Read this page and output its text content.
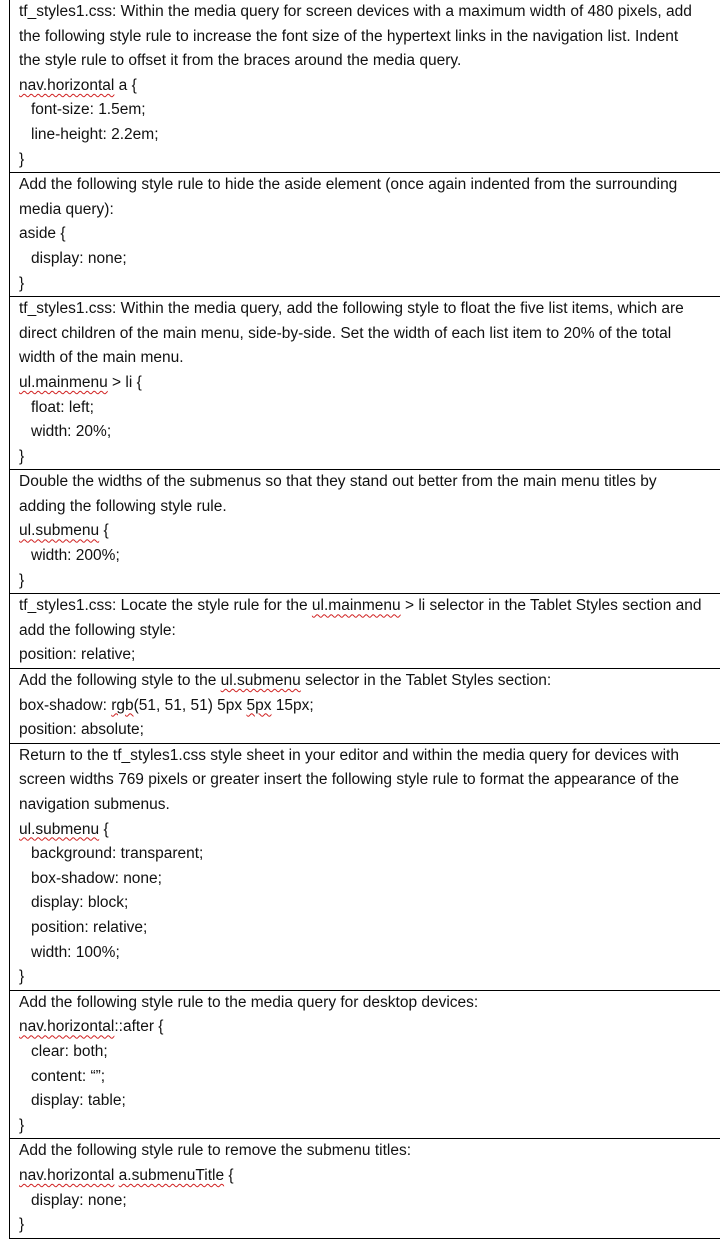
tf_styles1.css: Within the media query for screen devices with a maximum width of 480 pixels, add
the following style rule to increase the font size of the hypertext links in the navigation list. Indent
the style rule to offset it from the braces around the media query.
nav.horizontal a {
font-size: 1.5em;
line-height: 2.2em;
}
Add the following style rule to hide the aside element (once again indented from the surrounding
media query):
aside {
display: none;
}
tf_styles1.css: Within the media query, add the following style to float the five list items, which are
direct children of the main menu, side-by-side. Set the width of each list item to 20% of the total
width of the main menu.
ul.mainmenu > li {
float: left;
width: 20%;
}
Double the widths of the submenus so that they stand out better from the main menu titles by
adding the following style rule.
ul.submenu {
width: 200%;
}
tf_styles1.css: Locate the style rule for the ul.mainmenu > li selector in the Tablet Styles section and
add the following style:
position: relative;
Add the following style to the ul.submenu selector in the Tablet Styles section:
box-shadow: rgb(51, 51, 51) 5px 5px 15px;
position: absolute;
Return to the tf_styles1.css style sheet in your editor and within the media query for devices with
screen widths 769 pixels or greater insert the following style rule to format the appearance of the
navigation submenus.
ul.submenu {
background: transparent;
box-shadow: none;
display: block;
position: relative;
width: 100%;
}
Add the following style rule to the media query for desktop devices:
nav.horizontal::after {
clear: both;
content: “”;
display: table;
}
Add the following style rule to remove the submenu titles:
nav.horizontal a.submenuTitle {
display: none;
}
